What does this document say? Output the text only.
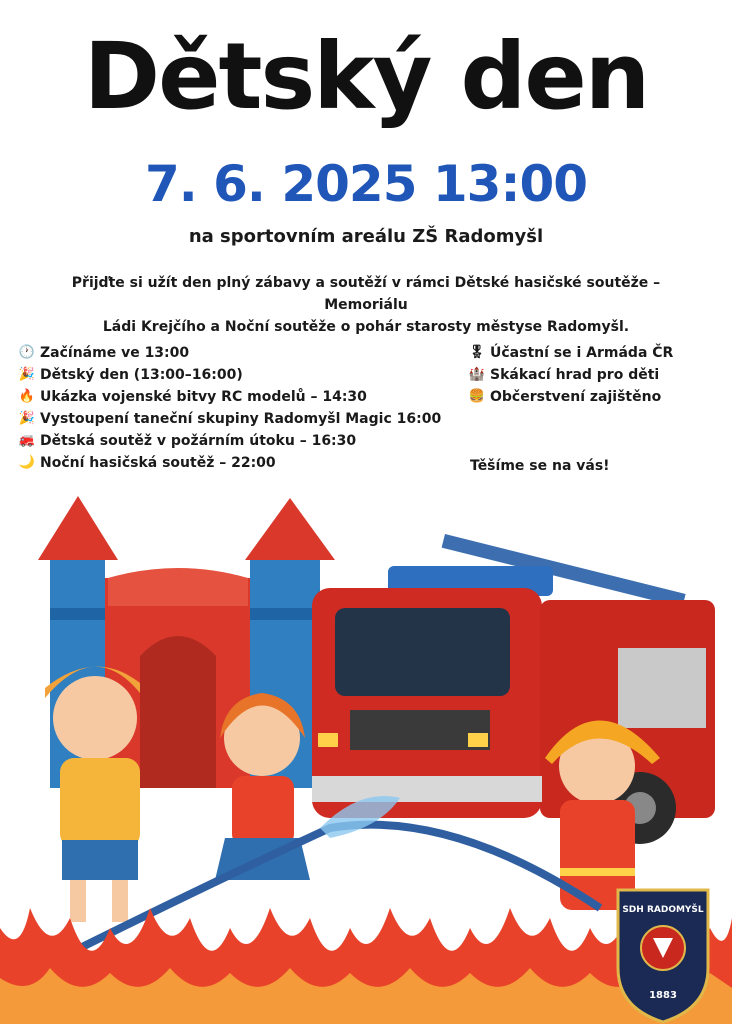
Dětský den
7. 6. 2025 13:00
na sportovním areálu ZŠ Radomyšl
Přijďte si užít den plný zábavy a soutěží v rámci Dětské hasičské soutěže – Memoriálu
Ládi Krejčího a Noční soutěže o pohár starosty městyse Radomyšl.
🕐 Začínáme ve 13:00
🎉 Dětský den (13:00–16:00)
🔥 Ukázka vojenské bitvy RC modelů – 14:30
🎉 Vystoupení taneční skupiny Radomyšl Magic 16:00
🚒 Dětská soutěž v požárním útoku – 16:30
🌙 Noční hasičská soutěž – 22:00
🎖 Účastní se i Armáda ČR
🏰 Skákací hrad pro děti
🍔 Občerstvení zajištěno
Těšíme se na vás!
SDH RADOMYŠL
1883
